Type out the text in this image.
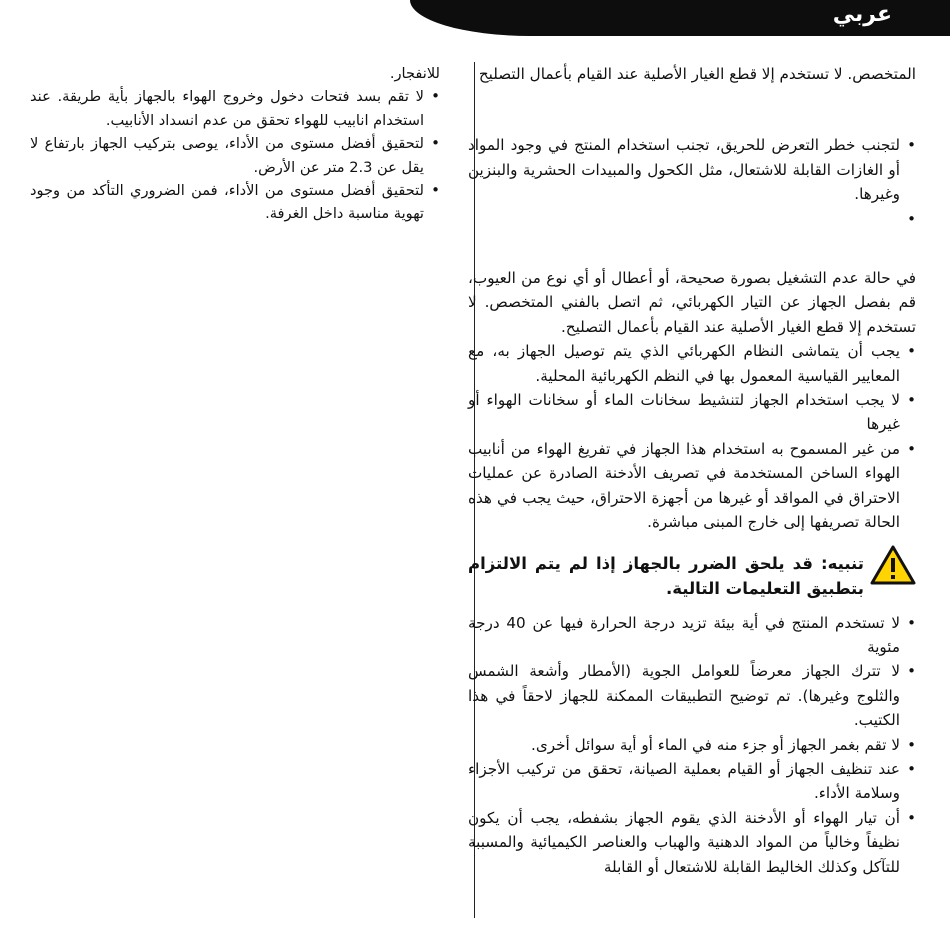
عربي

المتخصص. لا تستخدم إلا قطع الغيار الأصلية عند القيام بأعمال التصليح

• لتجنب خطر التعرض للحريق، تجنب استخدام المنتج في وجود المواد أو الغازات القابلة للاشتعال، مثل الكحول والمبيدات الحشرية والبنزين وغيرها.
•

في حالة عدم التشغيل بصورة صحيحة، أو أعطال أو أي نوع من العيوب، قم بفصل الجهاز عن التيار الكهربائي، ثم اتصل بالفني المتخصص. لا تستخدم إلا قطع الغيار الأصلية عند القيام بأعمال التصليح.

• يجب أن يتماشى النظام الكهربائي الذي يتم توصيل الجهاز به، مع المعايير القياسية المعمول بها في النظم الكهربائية المحلية.
• لا يجب استخدام الجهاز لتنشيط سخانات الماء أو سخانات الهواء أو غيرها
• من غير المسموح به استخدام هذا الجهاز في تفريغ الهواء من أنابيب الهواء الساخن المستخدمة في تصريف الأدخنة الصادرة عن عمليات الاحتراق في المواقد أو غيرها من أجهزة الاحتراق، حيث يجب في هذه الحالة تصريفها إلى خارج المبنى مباشرة.
تنبيه: قد يلحق الضرر بالجهاز إذا لم يتم الالتزام بتطبيق التعليمات التالية.
• لا تستخدم المنتج في أية بيئة تزيد درجة الحرارة فيها عن 40 درجة مئوية
• لا تترك الجهاز معرضاً للعوامل الجوية (الأمطار وأشعة الشمس والثلوج وغيرها). تم توضيح التطبيقات الممكنة للجهاز لاحقاً في هذا الكتيب.
• لا تقم بغمر الجهاز أو جزء منه في الماء أو أية سوائل أخرى.
• عند تنظيف الجهاز أو القيام بعملية الصيانة، تحقق من تركيب الأجزاء وسلامة الأداء.
• أن تيار الهواء أو الأدخنة الذي يقوم الجهاز بشفطه، يجب أن يكون نظيفاً وخالياً من المواد الدهنية والهباب والعناصر الكيميائية والمسببة للتآكل وكذلك الخاليط القابلة للاشتعال أو القابلة

للانفجار.

• لا تقم بسد فتحات دخول وخروج الهواء بالجهاز بأية طريقة. عند استخدام انابيب للهواء تحقق من عدم انسداد الأنابيب.
• لتحقيق أفضل مستوى من الأداء، يوصى بتركيب الجهاز بارتفاع لا يقل عن 2.3 متر عن الأرض.
• لتحقيق أفضل مستوى من الأداء، فمن الضروري التأكد من وجود تهوية مناسبة داخل الغرفة.
